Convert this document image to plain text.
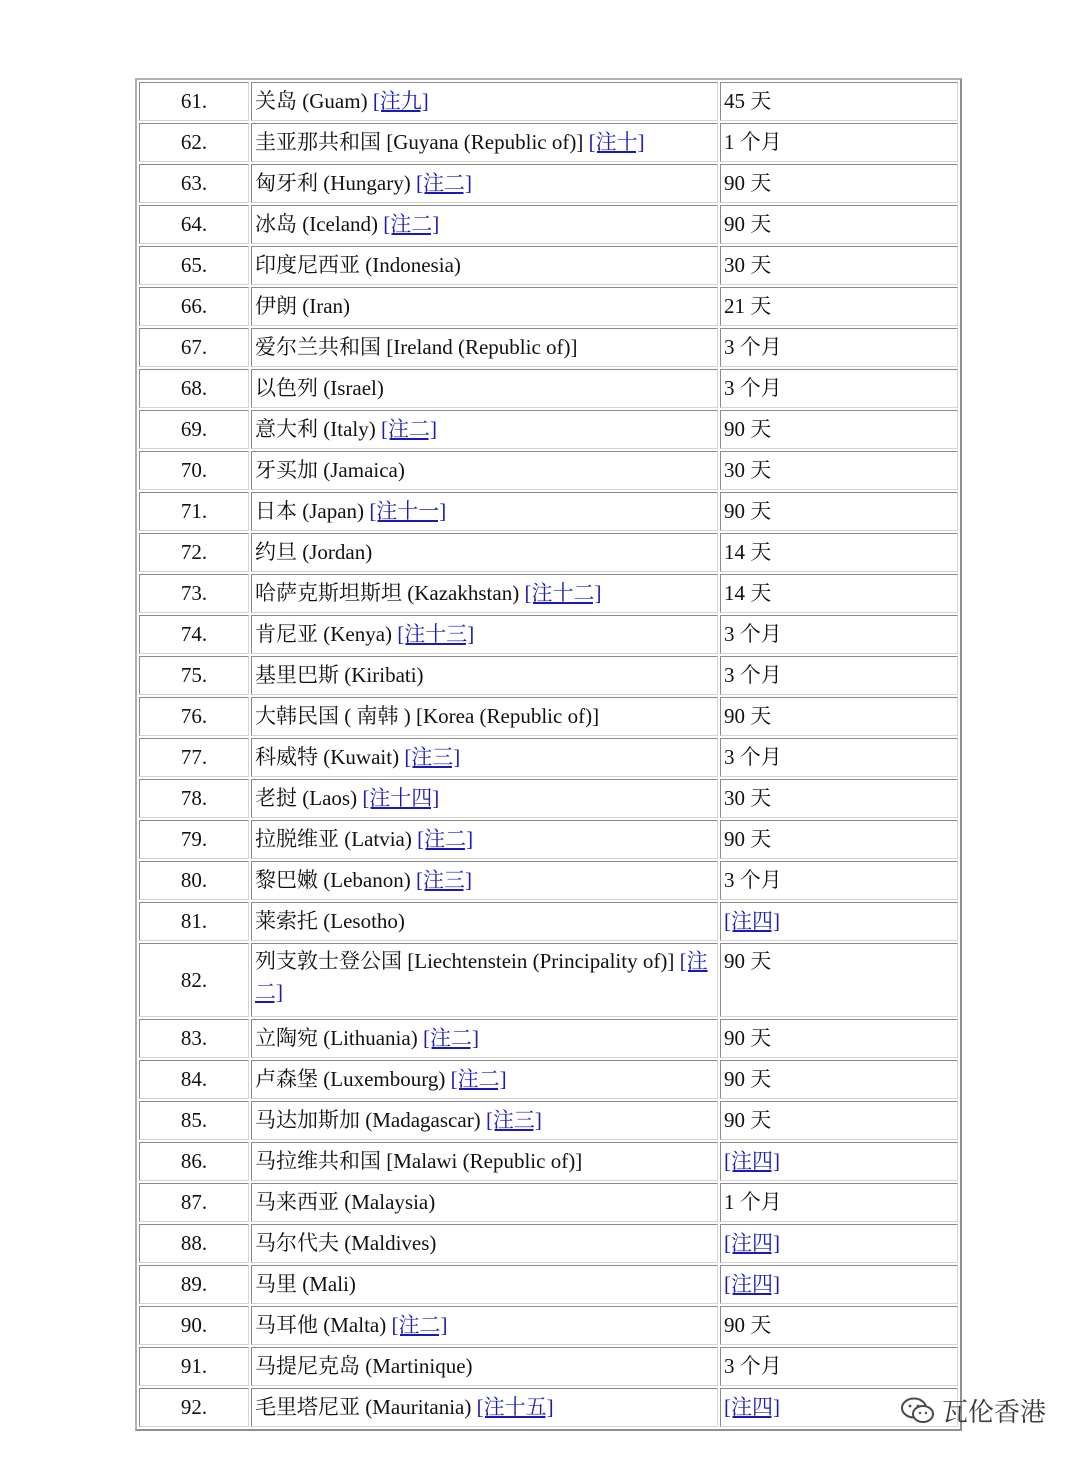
61.	关岛 (Guam) [注九]	45 天
62.	圭亚那共和国 [Guyana (Republic of)] [注十]	1 个月
63.	匈牙利 (Hungary) [注二]	90 天
64.	冰岛 (Iceland) [注二]	90 天
65.	印度尼西亚 (Indonesia)	30 天
66.	伊朗 (Iran)	21 天
67.	爱尔兰共和国 [Ireland (Republic of)]	3 个月
68.	以色列 (Israel)	3 个月
69.	意大利 (Italy) [注二]	90 天
70.	牙买加 (Jamaica)	30 天
71.	日本 (Japan) [注十一]	90 天
72.	约旦 (Jordan)	14 天
73.	哈萨克斯坦斯坦 (Kazakhstan) [注十二]	14 天
74.	肯尼亚 (Kenya) [注十三]	3 个月
75.	基里巴斯 (Kiribati)	3 个月
76.	大韩民国 ( 南韩 ) [Korea (Republic of)]	90 天
77.	科威特 (Kuwait) [注三]	3 个月
78.	老挝 (Laos) [注十四]	30 天
79.	拉脱维亚 (Latvia) [注二]	90 天
80.	黎巴嫩 (Lebanon) [注三]	3 个月
81.	莱索托 (Lesotho)	[注四]
82.	列支敦士登公国 [Liechtenstein (Principality of)] [注二]	90 天
83.	立陶宛 (Lithuania) [注二]	90 天
84.	卢森堡 (Luxembourg) [注二]	90 天
85.	马达加斯加 (Madagascar) [注三]	90 天
86.	马拉维共和国 [Malawi (Republic of)]	[注四]
87.	马来西亚 (Malaysia)	1 个月
88.	马尔代夫 (Maldives)	[注四]
89.	马里 (Mali)	[注四]
90.	马耳他 (Malta) [注二]	90 天
91.	马提尼克岛 (Martinique)	3 个月
92.	毛里塔尼亚 (Mauritania) [注十五]	[注四]	瓦伦香港
